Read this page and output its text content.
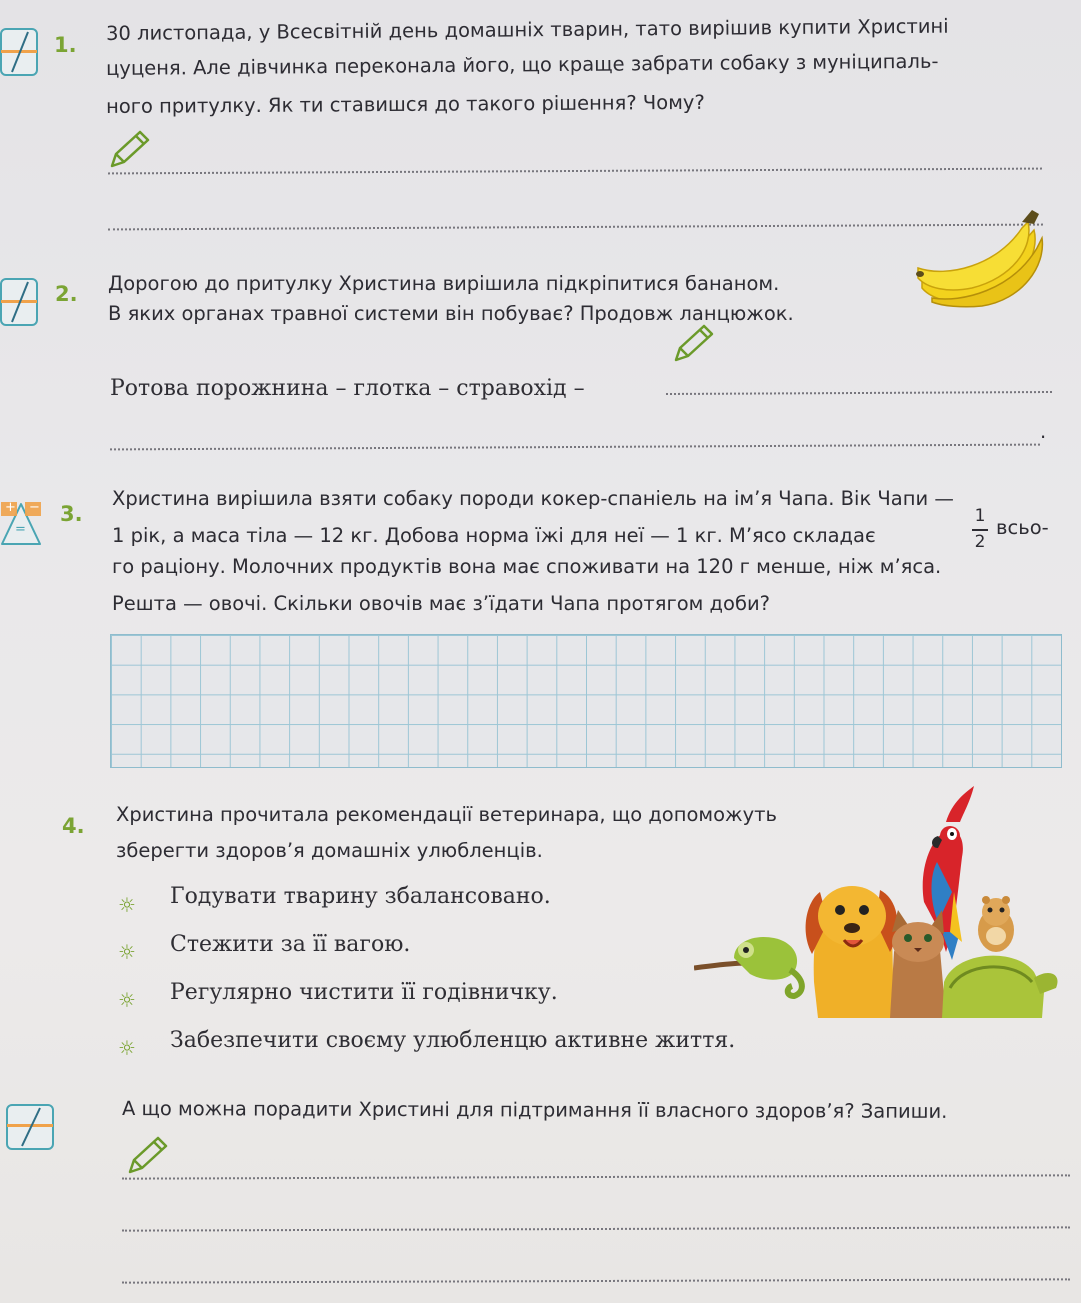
1.
30 листопада, у Всесвітній день домашніх тварин, тато вирішив купити Христині
цуценя. Але дівчинка переконала його, що краще забрати собаку з муніципаль-
ного притулку. Як ти ставишся до такого рішення? Чому?
2. Дорогою до притулку Христина вирішила підкріпитися бананом.
В яких органах травної системи він побуває? Продовж ланцюжок.
Ротова порожнина – глотка – стравохід –
.
+ −
=
3.
Христина вирішила взяти собаку породи кокер-спаніель на ім’я Чапа. Вік Чапи —
1 рік, а маса тіла — 12 кг. Добова норма їжі для неї — 1 кг. М’ясо складає
1
2
всьо-
го раціону. Молочних продуктів вона має споживати на 120 г менше, ніж м’яса.
Решта — овочі. Скільки овочів має з’їдати Чапа протягом доби?
4. Христина прочитала рекомендації ветеринара, що допоможуть
зберегти здоров’я домашніх улюбленців.
☼ Годувати тварину збалансовано.
☼ Стежити за її вагою.
☼ Регулярно чистити її годівничку.
☼ Забезпечити своєму улюбленцю активне життя.
А що можна порадити Христині для підтримання її власного здоров’я? Запиши.
